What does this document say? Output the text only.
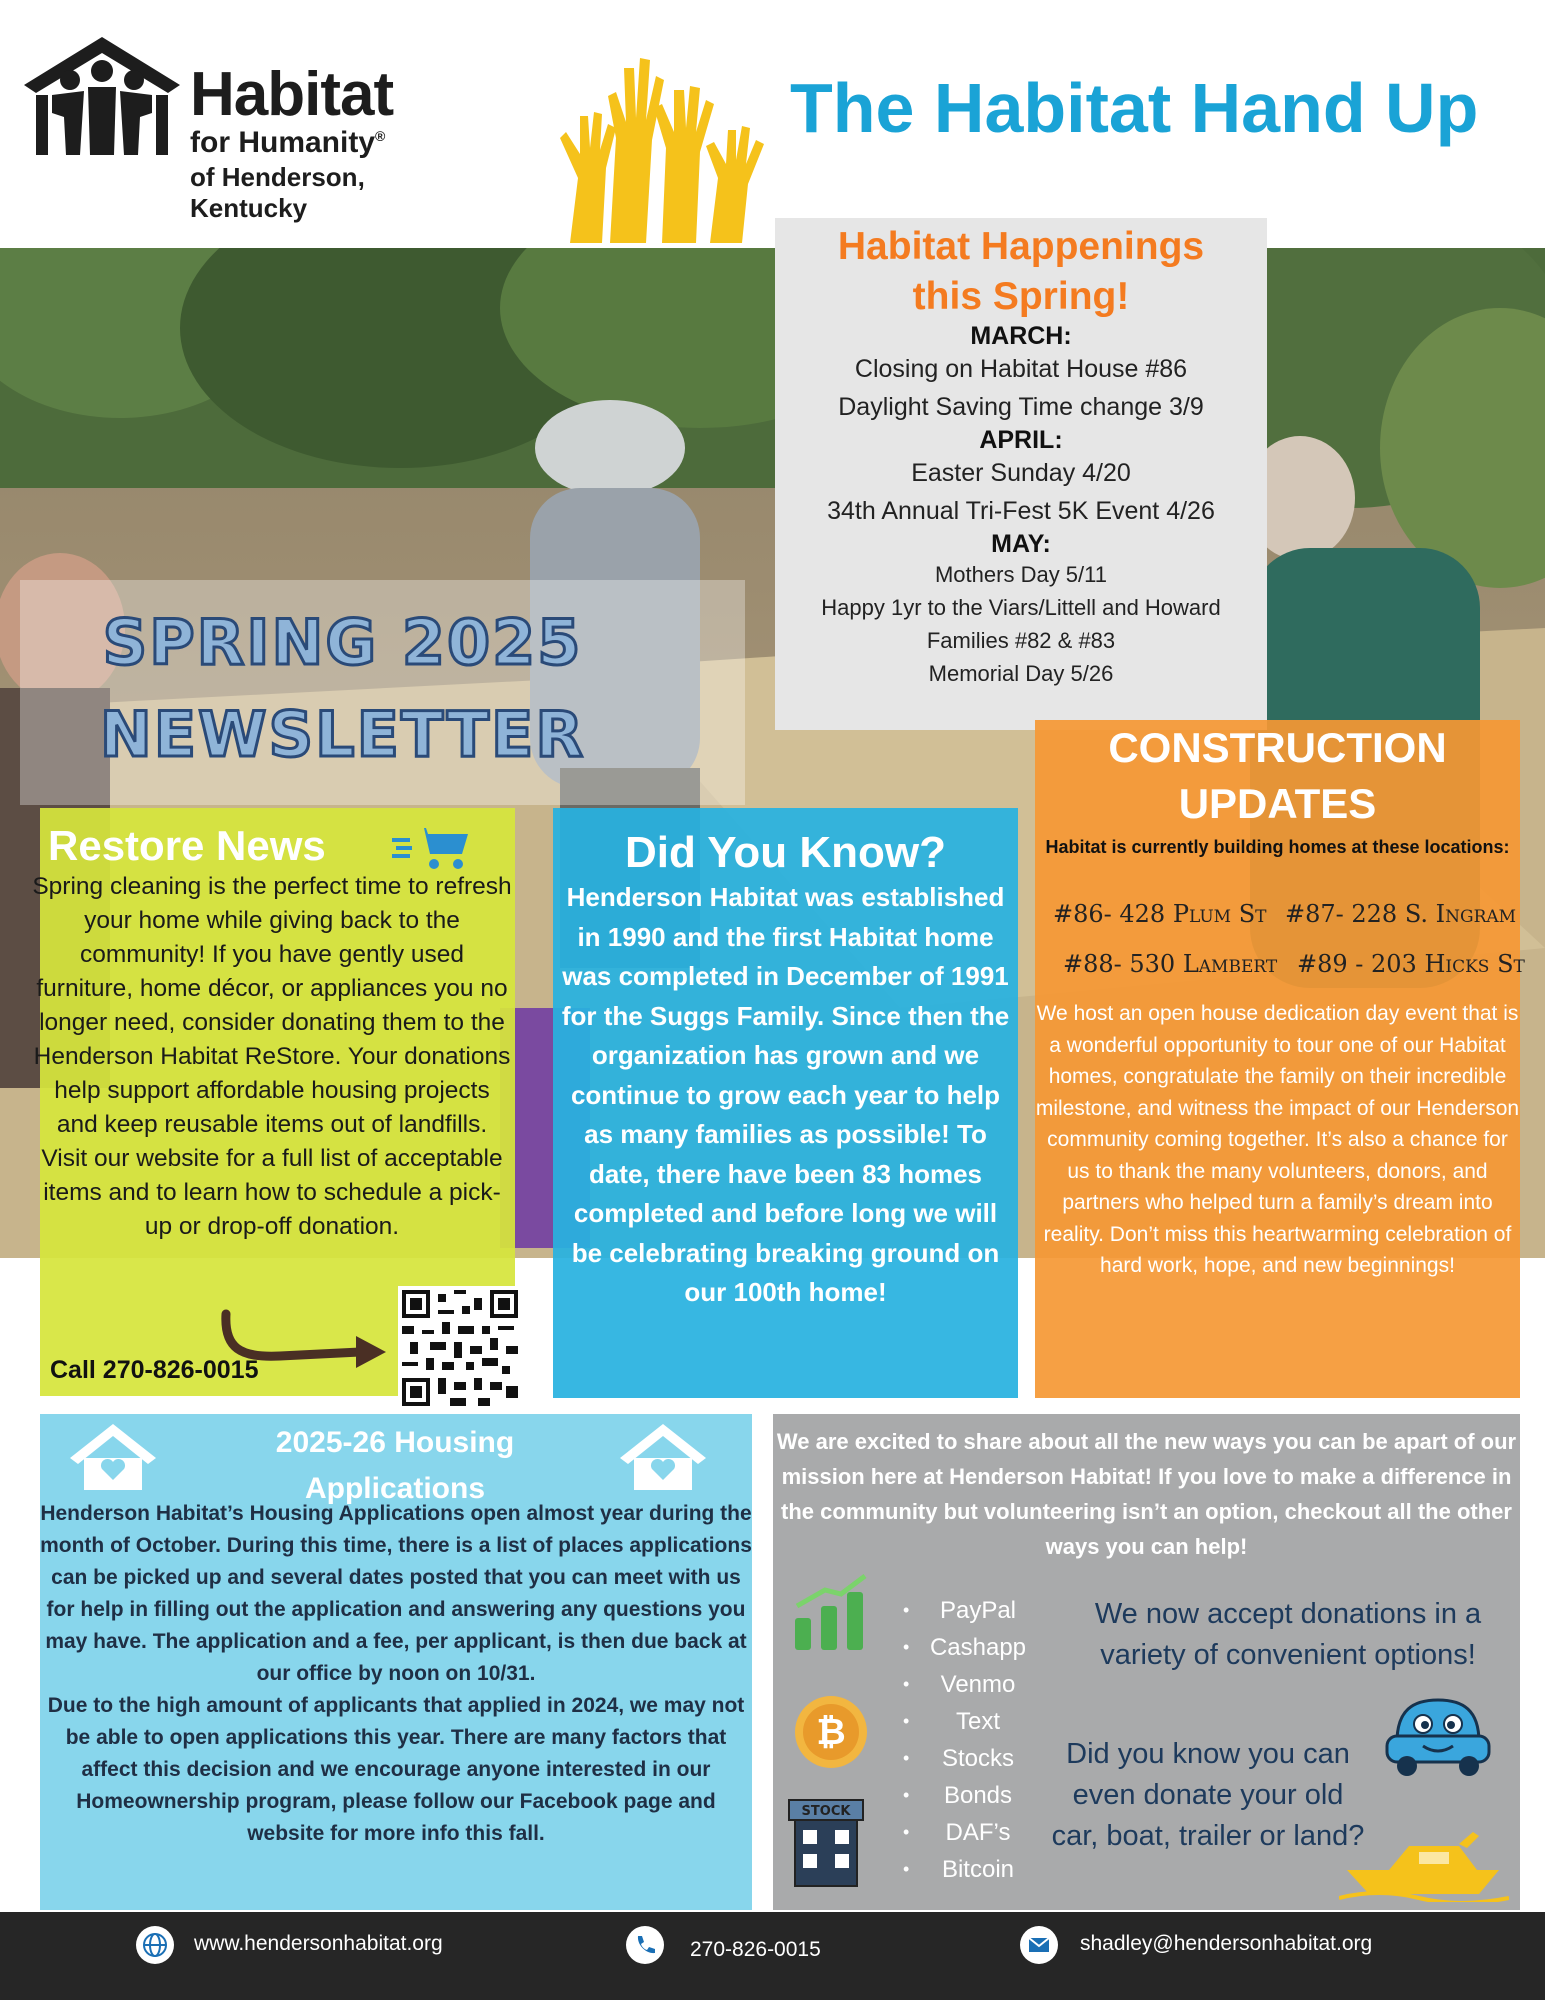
Habitat
for Humanity®
of Henderson, Kentucky
The Habitat Hand Up
SPRING 2025
NEWSLETTER
Habitat Happenings
this Spring!
MARCH:
Closing on Habitat House #86
Daylight Saving Time change 3/9
APRIL:
Easter Sunday 4/20
34th Annual Tri-Fest 5K Event 4/26
MAY:
Mothers Day 5/11
Happy 1yr to the Viars/Littell and Howard
Families #82 & #83
Memorial Day 5/26
Restore News
Spring cleaning is the perfect time to refresh your home while giving back to the community! If you have gently used furniture, home décor, or appliances you no longer need, consider donating them to the Henderson Habitat ReStore. Your donations help support affordable housing projects and keep reusable items out of landfills. Visit our website for a full list of acceptable items and to learn how to schedule a pick-up or drop-off donation.
Call 270-826-0015
Did You Know?
Henderson Habitat was established in 1990 and the first Habitat home was completed in December of 1991 for the Suggs Family. Since then the organization has grown and we continue to grow each year to help as many families as possible! To date, there have been 83 homes completed and before long we will be celebrating breaking ground on our 100th home!
CONSTRUCTION
UPDATES
Habitat is currently building homes at these locations:
#86- 428 Plum St #87- 228 S. Ingram
#88- 530 Lambert #89 - 203 Hicks St
We host an open house dedication day event that is a wonderful opportunity to tour one of our Habitat homes, congratulate the family on their incredible milestone, and witness the impact of our Henderson community coming together. It’s also a chance for us to thank the many volunteers, donors, and partners who helped turn a family’s dream into reality. Don’t miss this heartwarming celebration of hard work, hope, and new beginnings!
2025-26 Housing Applications
Henderson Habitat’s Housing Applications open almost year during the month of October. During this time, there is a list of places applications can be picked up and several dates posted that you can meet with us for help in filling out the application and answering any questions you may have. The application and a fee, per applicant, is then due back at our office by noon on 10/31.
Due to the high amount of applicants that applied in 2024, we may not be able to open applications this year. There are many factors that affect this decision and we encourage anyone interested in our Homeownership program, please follow our Facebook page and website for more info this fall.
We are excited to share about all the new ways you can be apart of our mission here at Henderson Habitat! If you love to make a difference in the community but volunteering isn’t an option, checkout all the other ways you can help!
₿
STOCK
• PayPal
• Cashapp
• Venmo
• Text
• Stocks
• Bonds
• DAF’s
• Bitcoin
We now accept donations in a variety of convenient options!
Did you know you can even donate your old car, boat, trailer or land?
www.hendersonhabitat.org	270-826-0015	shadley@hendersonhabitat.org
